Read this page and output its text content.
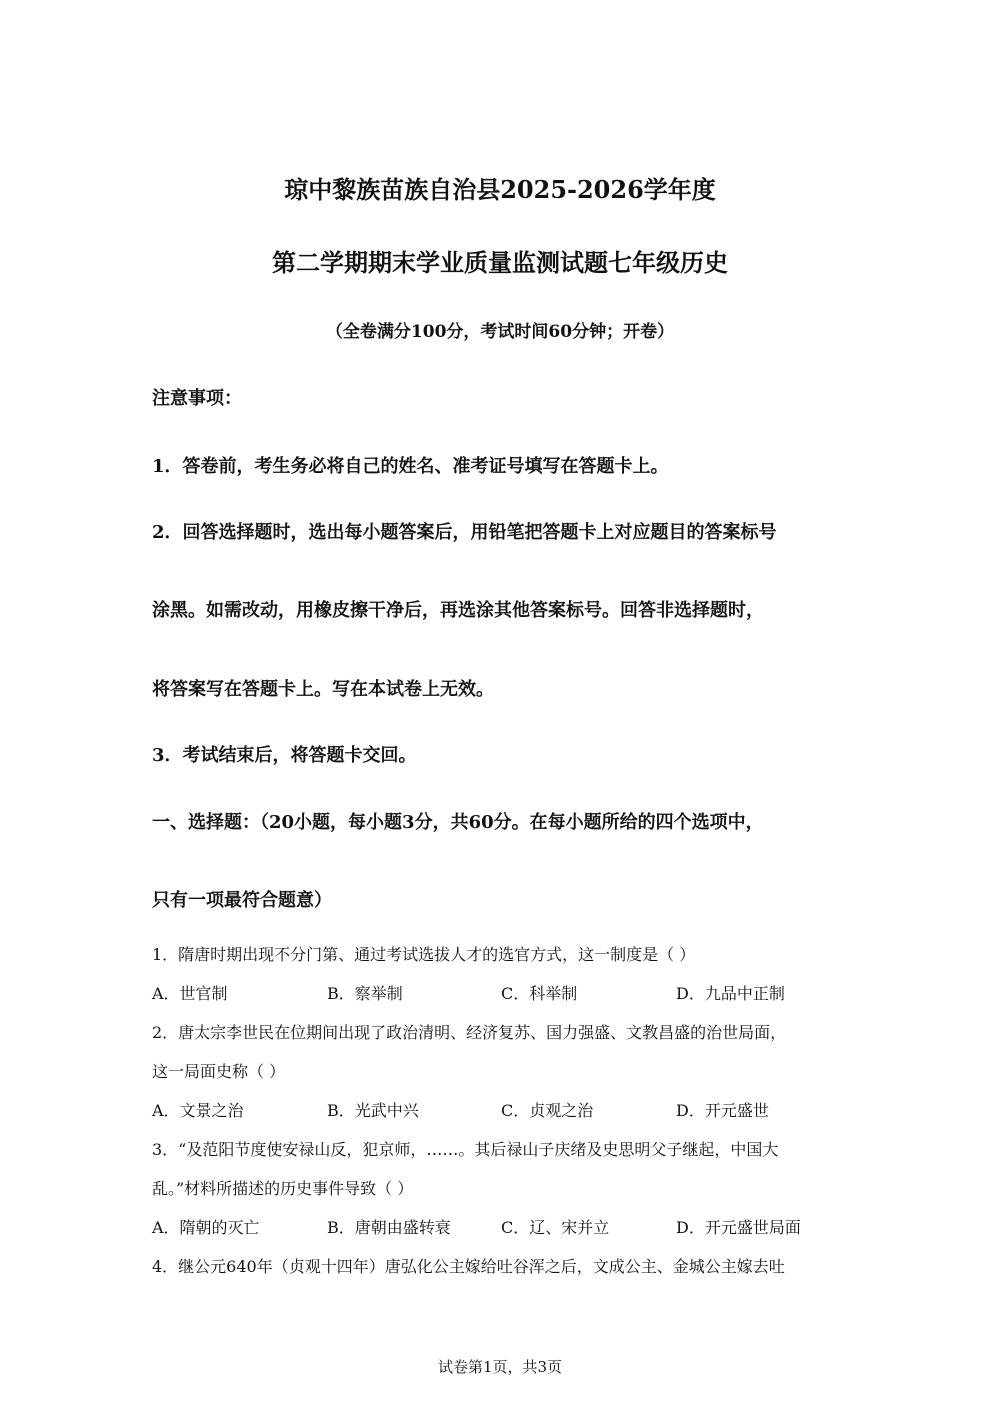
琼中黎族苗族自治县2025-2026学年度
第二学期期末学业质量监测试题七年级历史
（全卷满分100分，考试时间60分钟；开卷）
注意事项：
1．答卷前，考生务必将自己的姓名、准考证号填写在答题卡上。
2．回答选择题时，选出每小题答案后，用铅笔把答题卡上对应题目的答案标号
涂黑。如需改动，用橡皮擦干净后，再选涂其他答案标号。回答非选择题时，
将答案写在答题卡上。写在本试卷上无效。
3．考试结束后，将答题卡交回。
一、选择题：（20小题，每小题3分，共60分。在每小题所给的四个选项中，
只有一项最符合题意）
1．隋唐时期出现不分门第、通过考试选拔人才的选官方式，这一制度是（ ）
A．世官制	B．察举制	C．科举制	D．九品中正制
2．唐太宗李世民在位期间出现了政治清明、经济复苏、国力强盛、文教昌盛的治世局面，
这一局面史称（ ）
A．文景之治	B．光武中兴	C．贞观之治	D．开元盛世
3．“及范阳节度使安禄山反，犯京师，……。其后禄山子庆绪及史思明父子继起，中国大
乱。”材料所描述的历史事件导致（ ）
A．隋朝的灭亡	B．唐朝由盛转衰	C．辽、宋并立	D．开元盛世局面
4．继公元640年（贞观十四年）唐弘化公主嫁给吐谷浑之后，文成公主、金城公主嫁去吐
试卷第1页，共3页
